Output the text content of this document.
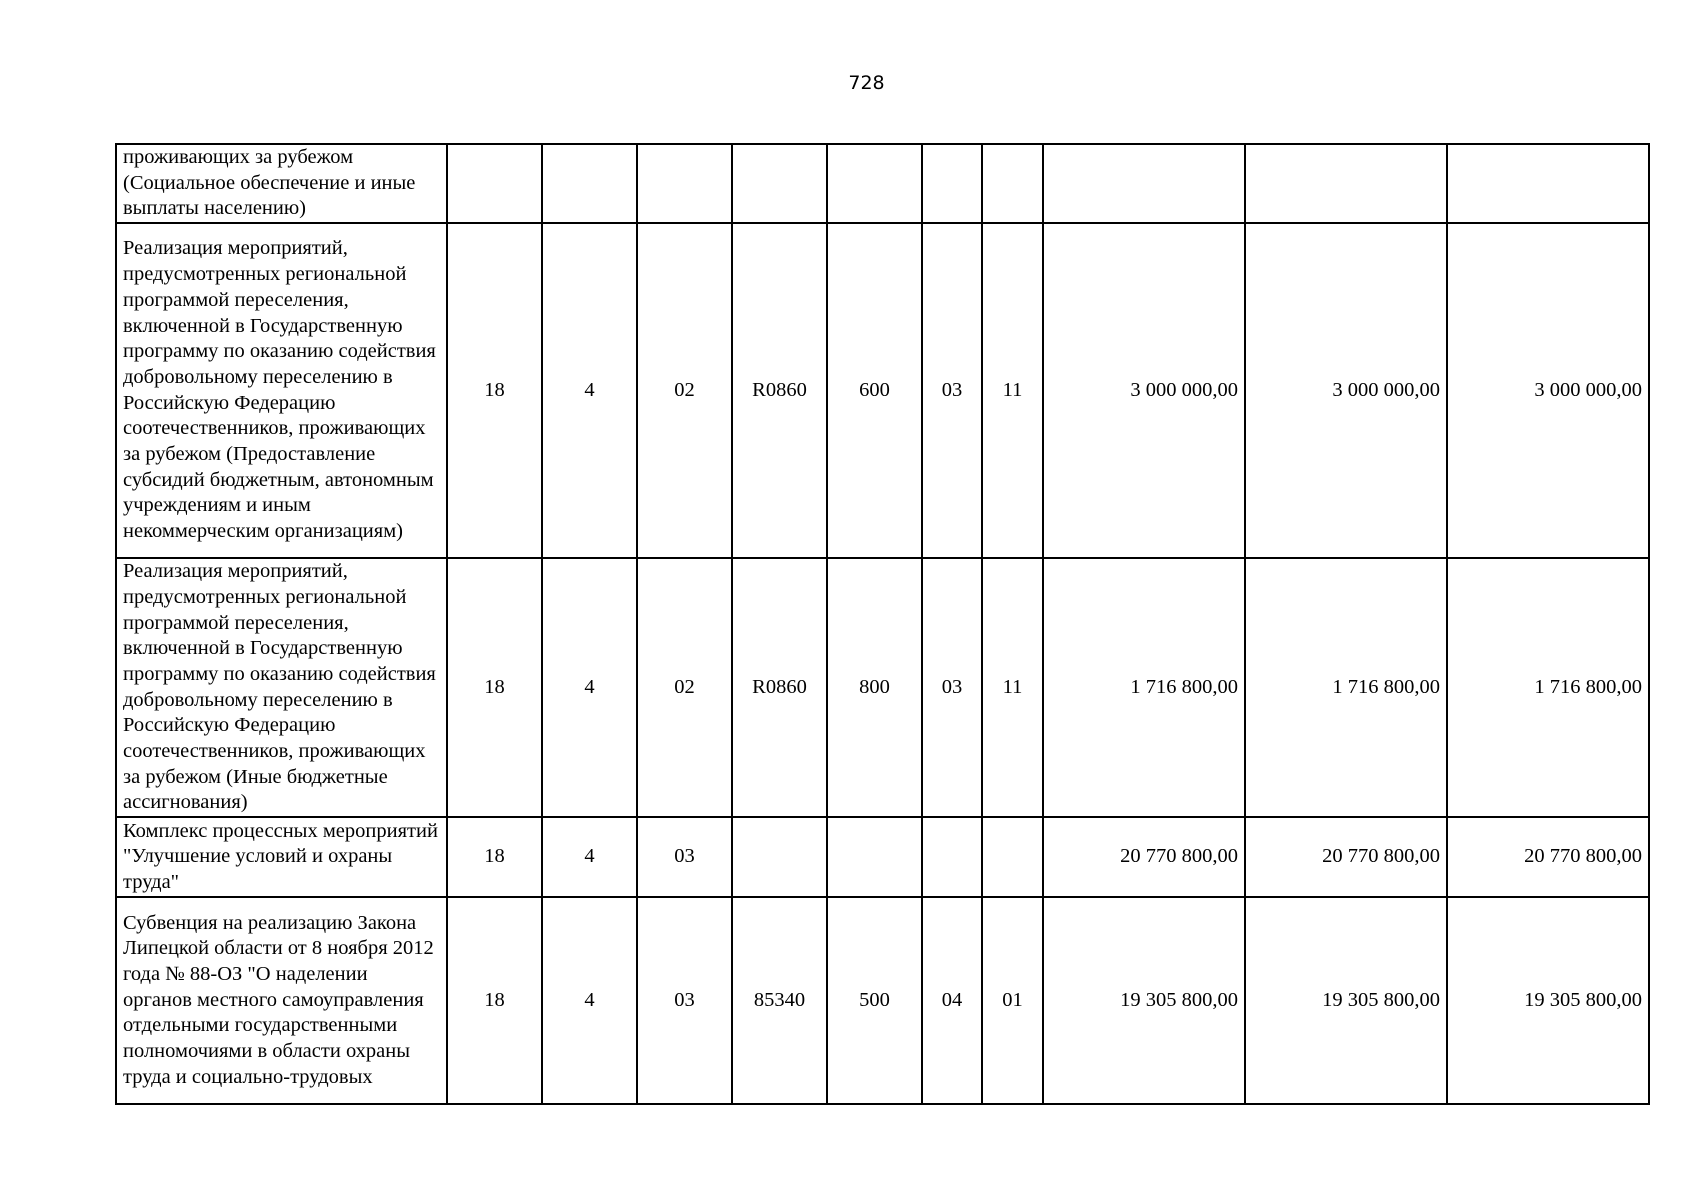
728
проживающих за рубежом (Социальное обеспечение и иные выплаты населению)										
Реализация мероприятий, предусмотренных региональной программой переселения, включенной в Государственную программу по оказанию содействия добровольному переселению в Российскую Федерацию соотечественников, проживающих за рубежом (Предоставление субсидий бюджетным, автономным учреждениям и иным некоммерческим организациям)	18	4	02	R0860	600	03	11	3 000 000,00	3 000 000,00	3 000 000,00
Реализация мероприятий, предусмотренных региональной программой переселения, включенной в Государственную программу по оказанию содействия добровольному переселению в Российскую Федерацию соотечественников, проживающих за рубежом (Иные бюджетные ассигнования)	18	4	02	R0860	800	03	11	1 716 800,00	1 716 800,00	1 716 800,00
Комплекс процессных мероприятий "Улучшение условий и охраны труда"	18	4	03					20 770 800,00	20 770 800,00	20 770 800,00
Субвенция на реализацию Закона Липецкой области от 8 ноября 2012 года № 88-ОЗ "О наделении органов местного самоуправления отдельными государственными полномочиями в области охраны труда и социально-трудовых	18	4	03	85340	500	04	01	19 305 800,00	19 305 800,00	19 305 800,00
